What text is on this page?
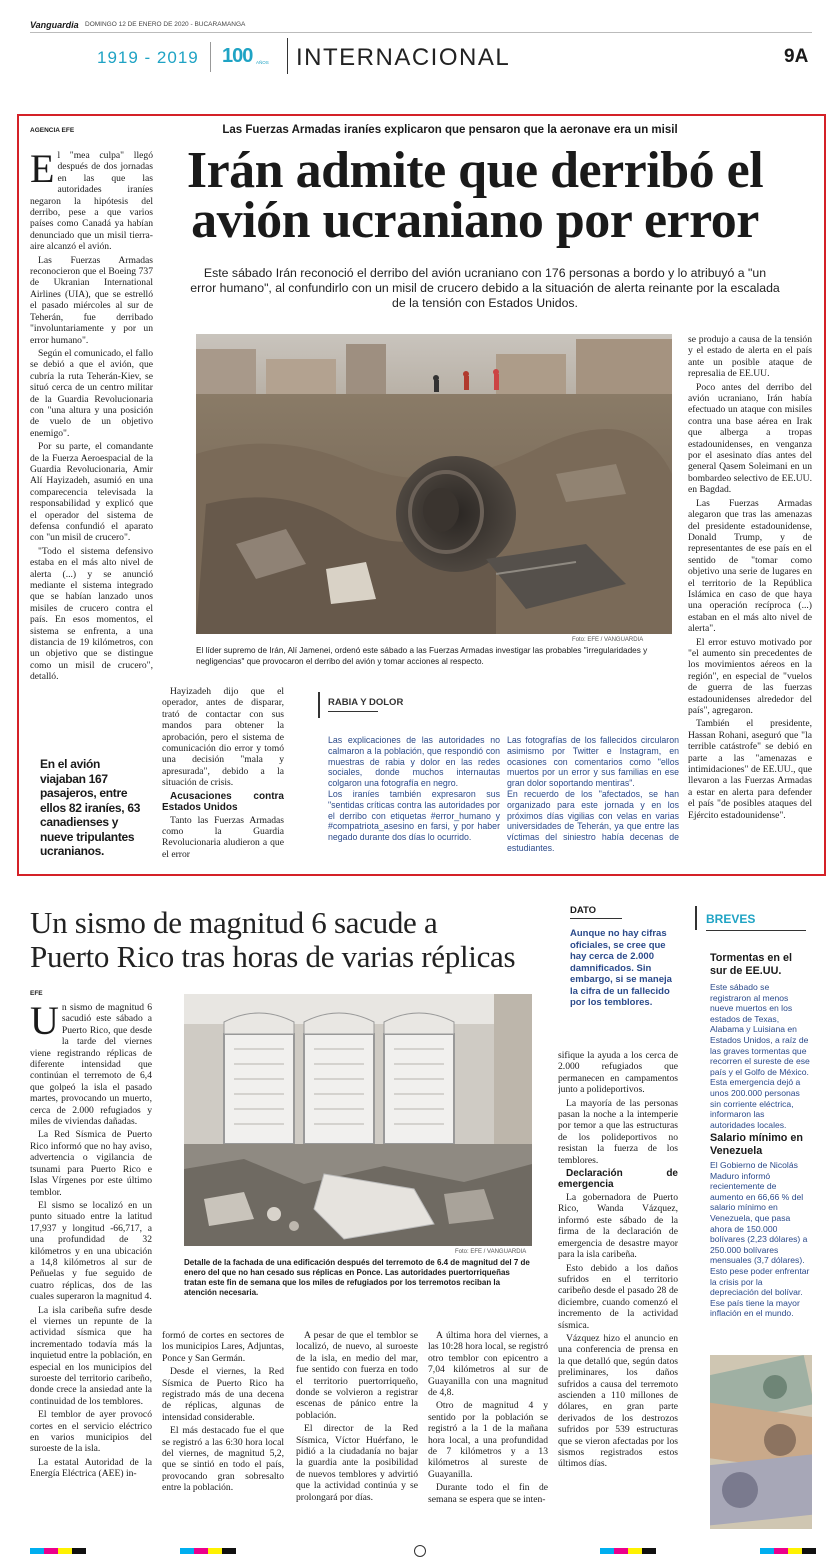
Vanguardia DOMINGO 12 DE ENERO DE 2020 - BUCARAMANGA
1919 - 2019 100 AÑOS INTERNACIONAL	9A
Las Fuerzas Armadas iraníes explicaron que pensaron que la aeronave era un misil
AGENCIA EFE
Irán admite que derribó el
avión ucraniano por error
Este sábado Irán reconoció el derribo del avión ucraniano con 176 personas a bordo y lo atribuyó a "un error humano", al confundirlo con un misil de crucero debido a la situación de alerta reinante por la escalada de la tensión con Estados Unidos.

El "mea culpa" llegó después de dos jornadas en las que las autoridades iraníes negaron la hipótesis del derribo, pese a que varios países como Canadá ya habían denunciado que un misil tierra-aire alcanzó el avión.

Las Fuerzas Armadas reconocieron que el Boeing 737 de Ukranian International Airlines (UIA), que se estrelló el pasado miércoles al sur de Teherán, fue derribado "involuntariamente y por un error humano".

Según el comunicado, el fallo se debió a que el avión, que cubría la ruta Teherán-Kiev, se situó cerca de un centro militar de la Guardia Revolucionaria con "una altura y una posición de vuelo de un objetivo enemigo".

Por su parte, el comandante de la Fuerza Aeroespacial de la Guardia Revolucionaria, Amir Alí Hayizadeh, asumió en una comparecencia televisada la responsabilidad y explicó que el operador del sistema de defensa confundió el aparato con "un misil de crucero".

"Todo el sistema defensivo estaba en el más alto nivel de alerta (...) y se anunció mediante el sistema integrado que se habían lanzado unos misiles de crucero contra el país. En esos momentos, el sistema se enfrenta, a una distancia de 19 kilómetros, con un objetivo que se distingue como un misil de crucero", detalló.

En el avión viajaban 167 pasajeros, entre ellos 82 iraníes, 63 canadienses y nueve tripulantes ucranianos.
Foto: EFE / VANGUARDIA
El líder supremo de Irán, Alí Jamenei, ordenó este sábado a las Fuerzas Armadas investigar las probables "irregularidades y negligencias" que provocaron el derribo del avión y tomar acciones al respecto.

Hayizadeh dijo que el operador, antes de disparar, trató de contactar con sus mandos para obtener la aprobación, pero el sistema de comunicación dio error y tomó una decisión "mala y apresurada", debido a la situación de crisis.

Acusaciones contra Estados Unidos

Tanto las Fuerzas Armadas como la Guardia Revolucionaria aludieron a que el error

RABIA Y DOLOR

Las explicaciones de las autoridades no calmaron a la población, que respondió con muestras de rabia y dolor en las redes sociales, donde muchos internautas colgaron una fotografía en negro.

Los iraníes también expresaron sus "sentidas críticas contra las autoridades por el derribo con etiquetas #error_humano y #compatriota_asesino en farsi, y por haber negado durante dos días lo ocurrido.

Las fotografías de los fallecidos circularon asimismo por Twitter e Instagram, en ocasiones con comentarios como "ellos muertos por un error y sus familias en ese gran dolor soportando mentiras".

En recuerdo de los "afectados, se han organizado para este jornada y en los próximos días vigilias con velas en varias universidades de Teherán, ya que entre las víctimas del siniestro había decenas de estudiantes.

se produjo a causa de la tensión y el estado de alerta en el país ante un posible ataque de represalia de EE.UU.

Poco antes del derribo del avión ucraniano, Irán había efectuado un ataque con misiles contra una base aérea en Irak que alberga a tropas estadounidenses, en venganza por el asesinato días antes del general Qasem Soleimani en un bombardeo selectivo de EE.UU. en Bagdad.

Las Fuerzas Armadas alegaron que tras las amenazas del presidente estadounidense, Donald Trump, y de representantes de ese país en el sentido de "tomar como objetivo una serie de lugares en el territorio de la República Islámica en caso de que haya una operación recíproca (...) estaban en el más alto nivel de alerta".

El error estuvo motivado por "el aumento sin precedentes de los movimientos aéreos en la región", en especial de "vuelos de guerra de las fuerzas estadounidenses alrededor del país", agregaron.

También el presidente, Hassan Rohani, aseguró que "la terrible catástrofe" se debió en parte a las "amenazas e intimidaciones" de EE.UU., que llevaron a las Fuerzas Armadas a estar en alerta para defender el país "de posibles ataques del Ejército estadounidense".

Un sismo de magnitud 6 sacude a
Puerto Rico tras horas de varias réplicas
EFE
DATO
Aunque no hay cifras oficiales, se cree que hay cerca de 2.000 damnificados. Sin embargo, si se maneja la cifra de un fallecido por los temblores.

Un sismo de magnitud 6 sacudió este sábado a Puerto Rico, que desde la tarde del viernes viene registrando réplicas de diferente intensidad que continúan el terremoto de 6,4 que golpeó la isla el pasado martes, provocando un muerto, cerca de 2.000 refugiados y miles de viviendas dañadas.

La Red Sísmica de Puerto Rico informó que no hay aviso, advertencia o vigilancia de tsunami para Puerto Rico e Islas Vírgenes por este último temblor.

El sismo se localizó en un punto situado entre la latitud 17,937 y longitud -66,717, a una profundidad de 32 kilómetros y en una ubicación a 14,8 kilómetros al sur de Peñuelas y fue seguido de cuatro réplicas, dos de las cuales superaron la magnitud 4.

La isla caribeña sufre desde el viernes un repunte de la actividad sísmica que ha incrementado todavía más la inquietud entre la población, en especial en los municipios del suroeste del territorio caribeño, donde crece la ansiedad ante la continuidad de los temblores.

El temblor de ayer provocó cortes en el servicio eléctrico en varios municipios del suroeste de la isla.

La estatal Autoridad de la Energía Eléctrica (AEE) in-

Foto: EFE / VANGUARDIA
Detalle de la fachada de una edificación después del terremoto de 6.4 de magnitud del 7 de enero del que no han cesado sus réplicas en Ponce. Las autoridades puertorriqueñas tratan este fin de semana que los miles de refugiados por los terremotos reciban la atención necesaria.

formó de cortes en sectores de los municipios Lares, Adjuntas, Ponce y San Germán.

Desde el viernes, la Red Sísmica de Puerto Rico ha registrado más de una decena de réplicas, algunas de intensidad considerable.

El más destacado fue el que se registró a las 6:30 hora local del viernes, de magnitud 5,2, que se sintió en todo el país, provocando gran sobresalto entre la población.

A pesar de que el temblor se localizó, de nuevo, al suroeste de la isla, en medio del mar, fue sentido con fuerza en todo el territorio puertorriqueño, donde se volvieron a registrar escenas de pánico entre la población.

El director de la Red Sísmica, Víctor Huérfano, le pidió a la ciudadanía no bajar la guardia ante la posibilidad de nuevos temblores y advirtió que la actividad continúa y se prolongará por días.

A última hora del viernes, a las 10:28 hora local, se registró otro temblor con epicentro a 7,04 kilómetros al sur de Guayanilla con una magnitud de 4,8.

Otro de magnitud 4 y sentido por la población se registró a la 1 de la mañana hora local, a una profundidad de 7 kilómetros y a 13 kilómetros al sureste de Guayanilla.

Durante todo el fin de semana se espera que se inten-

sifique la ayuda a los cerca de 2.000 refugiados que permanecen en campamentos junto a polideportivos.

La mayoría de las personas pasan la noche a la intemperie por temor a que las estructuras de los polideportivos no resistan la fuerza de los temblores.

Declaración de emergencia

La gobernadora de Puerto Rico, Wanda Vázquez, informó este sábado de la firma de la declaración de emergencia de desastre mayor para la isla caribeña.

Esto debido a los daños sufridos en el territorio caribeño desde el pasado 28 de diciembre, cuando comenzó el incremento de la actividad sísmica.

Vázquez hizo el anuncio en una conferencia de prensa en la que detalló que, según datos preliminares, los daños sufridos a causa del terremoto ascienden a 110 millones de dólares, en gran parte derivados de los destrozos sufridos por 539 estructuras que se vieron afectadas por los sismos registrados estos últimos días.

BREVES
Tormentas en el sur de EE.UU.
Este sábado se registraron al menos nueve muertos en los estados de Texas, Alabama y Luisiana en Estados Unidos, a raíz de las graves tormentas que recorren el sureste de ese país y el Golfo de México. Esta emergencia dejó a unos 200.000 personas sin corriente eléctrica, informaron las autoridades locales.
Salario mínimo en Venezuela
El Gobierno de Nicolás Maduro informó recientemente de aumento en 66,66 % del salario mínimo en Venezuela, que pasa ahora de 150.000 bolívares (2,23 dólares) a 250.000 bolívares mensuales (3,7 dólares). Esto pese poder enfrentar la crisis por la depreciación del bolívar. Ese país tiene la mayor inflación en el mundo.
